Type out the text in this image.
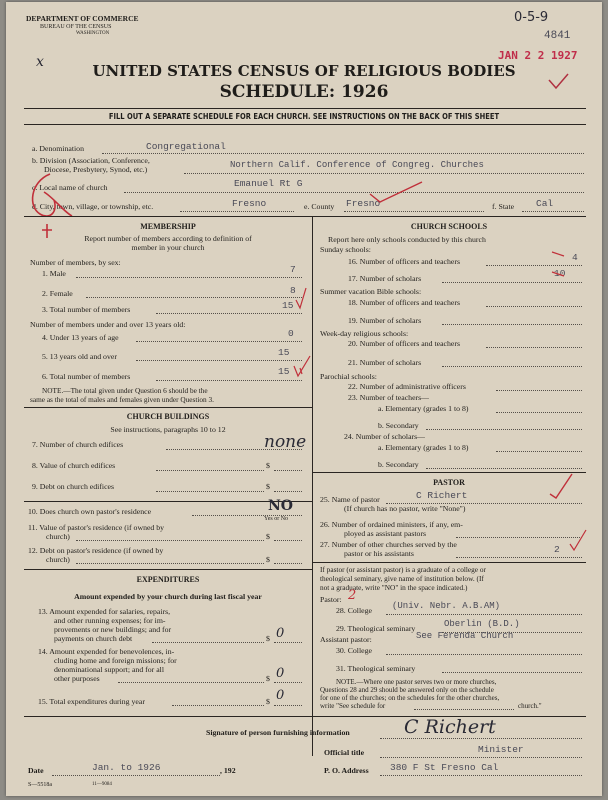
DEPARTMENT OF COMMERCE
BUREAU OF THE CENSUS
WASHINGTON
x
0-5-9
4841
JAN 2 2 1927
UNITED STATES CENSUS OF RELIGIOUS BODIES
SCHEDULE: 1926
FILL OUT A SEPARATE SCHEDULE FOR EACH CHURCH. SEE INSTRUCTIONS ON THE BACK OF THIS SHEET
a. Denomination	Congregational
b. Division (Association, Conference,
Diocese, Presbytery, Synod, etc.)	Northern Calif. Conference of Congreg. Churches
c. Local name of church	Emanuel Rt G
d. City, town, village, or township, etc.	Fresno	e. County Fresno	f. State Cal
MEMBERSHIP
Report number of members according to definition of
member in your church
Number of members, by sex:
1. Male	7
2. Female	8
3. Total number of members	15
Number of members under and over 13 years old:
4. Under 13 years of age	0
5. 13 years old and over	15
6. Total number of members	15
NOTE.—The total given under Question 6 should be the
same as the total of males and females given under Question 3.
CHURCH BUILDINGS
See instructions, paragraphs 10 to 12
7. Number of church edifices	none
8. Value of church edifices	$
9. Debt on church edifices	$
10. Does church own pastor's residence	NO
Yes or No
11. Value of pastor's residence (if owned by
church)	$
12. Debt on pastor's residence (if owned by
church)	$
EXPENDITURES
Amount expended by your church during last fiscal year
13. Amount expended for salaries, repairs,
and other running expenses; for im-
provements or new buildings; and for
payments on church debt	$ 0
14. Amount expended for benevolences, in-
cluding home and foreign missions; for
denominational support; and for all
other purposes	$ 0
15. Total expenditures during year	$ 0
CHURCH SCHOOLS
Report here only schools conducted by this church
Sunday schools:
16. Number of officers and teachers	4
17. Number of scholars	10
Summer vacation Bible schools:
18. Number of officers and teachers
19. Number of scholars
Week-day religious schools:
20. Number of officers and teachers
21. Number of scholars
Parochial schools:
22. Number of administrative officers
23. Number of teachers—
a. Elementary (grades 1 to 8)
b. Secondary
24. Number of scholars—
a. Elementary (grades 1 to 8)
b. Secondary
PASTOR
25. Name of pastor	C Richert
(If church has no pastor, write "None")
26. Number of ordained ministers, if any, em-
ployed as assistant pastors
27. Number of other churches served by the
pastor or his assistants	2
If pastor (or assistant pastor) is a graduate of a college or
theological seminary, give name of institution below. (If
not a graduate, write "NO" in the space indicated.)
Pastor: 2
28. College (Univ. Nebr. A.B.AM)
29. Theological seminary	Oberlin (B.D.)
Assistant pastor:	See Ferenda Church
30. College
31. Theological seminary
NOTE.—Where one pastor serves two or more churches,
Questions 28 and 29 should be answered only on the schedule
for one of the churches; on the schedules for the other churches,
write "See schedule for	church."
Signature of person furnishing information	C Richert
Official title	Minister
Date	Jan. to 1926	, 192	P. O. Address 380 F St Fresno Cal
S—5518a	11—9084
